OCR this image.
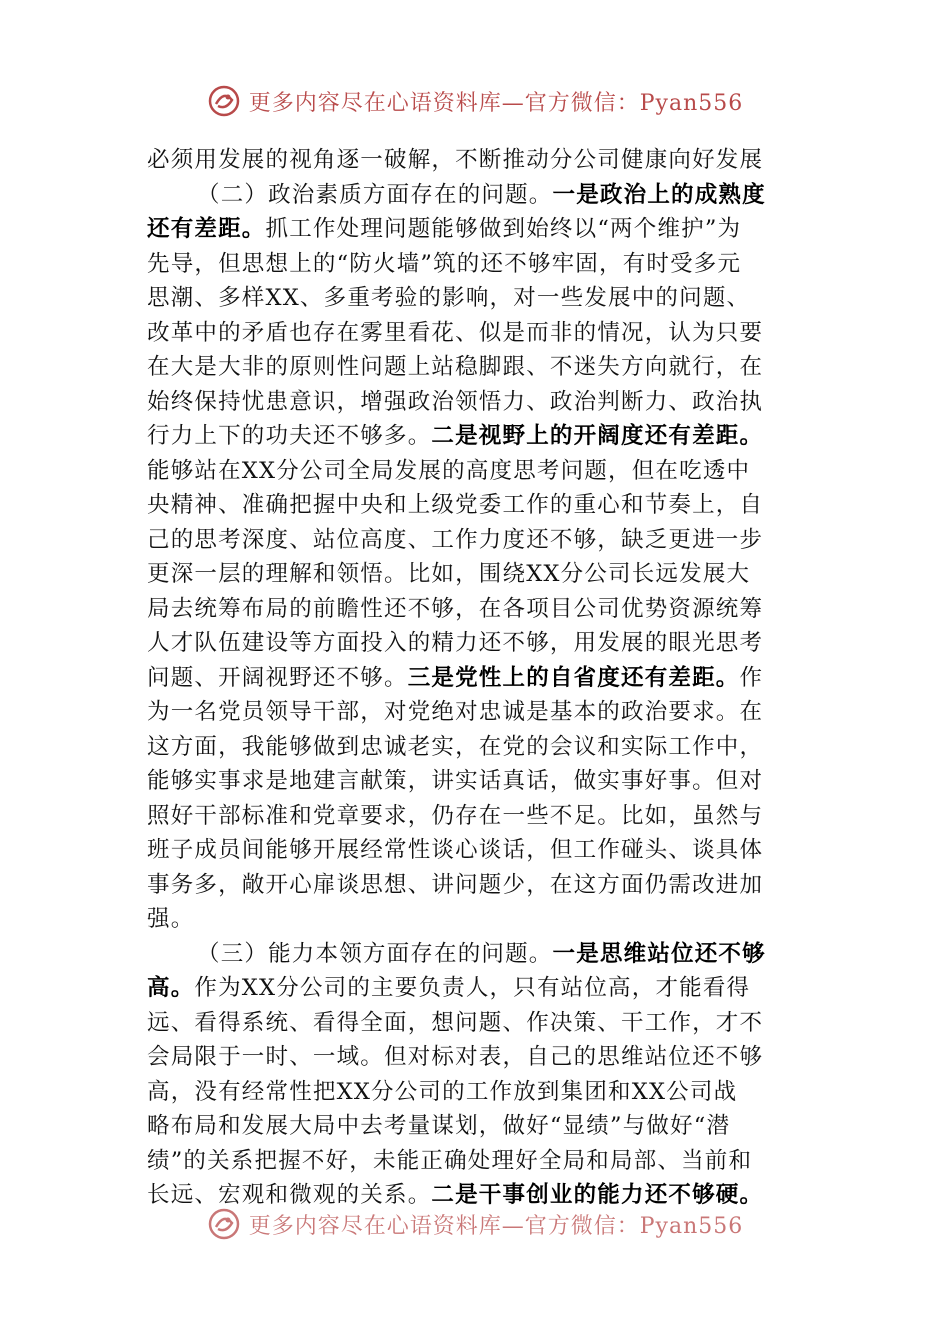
更多内容尽在心语资料库—官方微信：Pyan556
必须用发展的视角逐一破解，不断推动分公司健康向好发展
（二）政治素质方面存在的问题。一是政治上的成熟度
还有差距。抓工作处理问题能够做到始终以“两个维护”为
先导，但思想上的“防火墙”筑的还不够牢固，有时受多元
思潮、多样XX、多重考验的影响，对一些发展中的问题、
改革中的矛盾也存在雾里看花、似是而非的情况，认为只要
在大是大非的原则性问题上站稳脚跟、不迷失方向就行，在
始终保持忧患意识，增强政治领悟力、政治判断力、政治执
行力上下的功夫还不够多。二是视野上的开阔度还有差距。
能够站在XX分公司全局发展的高度思考问题，但在吃透中
央精神、准确把握中央和上级党委工作的重心和节奏上，自
己的思考深度、站位高度、工作力度还不够，缺乏更进一步
更深一层的理解和领悟。比如，围绕XX分公司长远发展大
局去统筹布局的前瞻性还不够，在各项目公司优势资源统筹
人才队伍建设等方面投入的精力还不够，用发展的眼光思考
问题、开阔视野还不够。三是党性上的自省度还有差距。作
为一名党员领导干部，对党绝对忠诚是基本的政治要求。在
这方面，我能够做到忠诚老实，在党的会议和实际工作中，
能够实事求是地建言献策，讲实话真话，做实事好事。但对
照好干部标准和党章要求，仍存在一些不足。比如，虽然与
班子成员间能够开展经常性谈心谈话，但工作碰头、谈具体
事务多，敞开心扉谈思想、讲问题少，在这方面仍需改进加
强。
（三）能力本领方面存在的问题。一是思维站位还不够
高。作为XX分公司的主要负责人，只有站位高，才能看得
远、看得系统、看得全面，想问题、作决策、干工作，才不
会局限于一时、一域。但对标对表，自己的思维站位还不够
高，没有经常性把XX分公司的工作放到集团和XX公司战
略布局和发展大局中去考量谋划，做好“显绩”与做好“潜
绩”的关系把握不好，未能正确处理好全局和局部、当前和
长远、宏观和微观的关系。二是干事创业的能力还不够硬。
更多内容尽在心语资料库—官方微信：Pyan556
